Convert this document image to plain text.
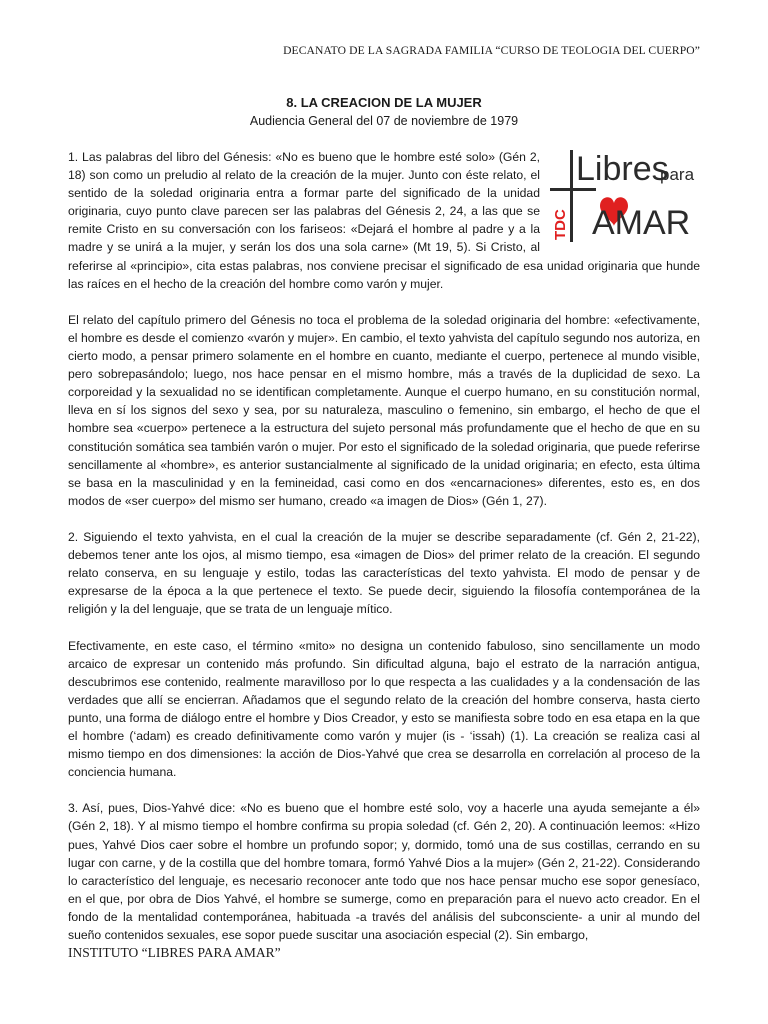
DECANATO DE LA SAGRADA FAMILIA “CURSO DE TEOLOGIA DEL CUERPO”
8. LA CREACION DE LA MUJER
Audiencia General del 07 de noviembre de 1979
Libres
para
TDC AMAR

1. Las palabras del libro del Génesis: «No es bueno que le hombre esté solo» (Gén 2, 18) son como un preludio al relato de la creación de la mujer. Junto con éste relato, el sentido de la soledad originaria entra a formar parte del significado de la unidad originaria, cuyo punto clave parecen ser las palabras del Génesis 2, 24, a las que se remite Cristo en su conversación con los fariseos: «Dejará el hombre al padre y a la madre y se unirá a la mujer, y serán los dos una sola carne» (Mt 19, 5). Si Cristo, al referirse al «principio», cita estas palabras, nos conviene precisar el significado de esa unidad originaria que hunde las raíces en el hecho de la creación del hombre como varón y mujer.

El relato del capítulo primero del Génesis no toca el problema de la soledad originaria del hombre: «efectivamente, el hombre es desde el comienzo «varón y mujer». En cambio, el texto yahvista del capítulo segundo nos autoriza, en cierto modo, a pensar primero solamente en el hombre en cuanto, mediante el cuerpo, pertenece al mundo visible, pero sobrepasándolo; luego, nos hace pensar en el mismo hombre, más a través de la duplicidad de sexo. La corporeidad y la sexualidad no se identifican completamente. Aunque el cuerpo humano, en su constitución normal, lleva en sí los signos del sexo y sea, por su naturaleza, masculino o femenino, sin embargo, el hecho de que el hombre sea «cuerpo» pertenece a la estructura del sujeto personal más profundamente que el hecho de que en su constitución somática sea también varón o mujer. Por esto el significado de la soledad originaria, que puede referirse sencillamente al «hombre», es anterior sustancialmente al significado de la unidad originaria; en efecto, esta última se basa en la masculinidad y en la femineidad, casi como en dos «encarnaciones» diferentes, esto es, en dos modos de «ser cuerpo» del mismo ser humano, creado «a imagen de Dios» (Gén 1, 27).

2. Siguiendo el texto yahvista, en el cual la creación de la mujer se describe separadamente (cf. Gén 2, 21-22), debemos tener ante los ojos, al mismo tiempo, esa «imagen de Dios» del primer relato de la creación. El segundo relato conserva, en su lenguaje y estilo, todas las características del texto yahvista. El modo de pensar y de expresarse de la época a la que pertenece el texto. Se puede decir, siguiendo la filosofía contemporánea de la religión y la del lenguaje, que se trata de un lenguaje mítico.

Efectivamente, en este caso, el término «mito» no designa un contenido fabuloso, sino sencillamente un modo arcaico de expresar un contenido más profundo. Sin dificultad alguna, bajo el estrato de la narración antigua, descubrimos ese contenido, realmente maravilloso por lo que respecta a las cualidades y a la condensación de las verdades que allí se encierran. Añadamos que el segundo relato de la creación del hombre conserva, hasta cierto punto, una forma de diálogo entre el hombre y Dios Creador, y esto se manifiesta sobre todo en esa etapa en la que el hombre (‘adam) es creado definitivamente como varón y mujer (is - ‘issah) (1). La creación se realiza casi al mismo tiempo en dos dimensiones: la acción de Dios-Yahvé que crea se desarrolla en correlación al proceso de la conciencia humana.

3. Así, pues, Dios-Yahvé dice: «No es bueno que el hombre esté solo, voy a hacerle una ayuda semejante a él» (Gén 2, 18). Y al mismo tiempo el hombre confirma su propia soledad (cf. Gén 2, 20). A continuación leemos: «Hizo pues, Yahvé Dios caer sobre el hombre un profundo sopor; y, dormido, tomó una de sus costillas, cerrando en su lugar con carne, y de la costilla que del hombre tomara, formó Yahvé Dios a la mujer» (Gén 2, 21-22). Considerando lo característico del lenguaje, es necesario reconocer ante todo que nos hace pensar mucho ese sopor genesíaco, en el que, por obra de Dios Yahvé, el hombre se sumerge, como en preparación para el nuevo acto creador. En el fondo de la mentalidad contemporánea, habituada -a través del análisis del subconsciente- a unir al mundo del sueño contenidos sexuales, ese sopor puede suscitar una asociación especial (2). Sin embargo,

INSTITUTO “LIBRES PARA AMAR”
